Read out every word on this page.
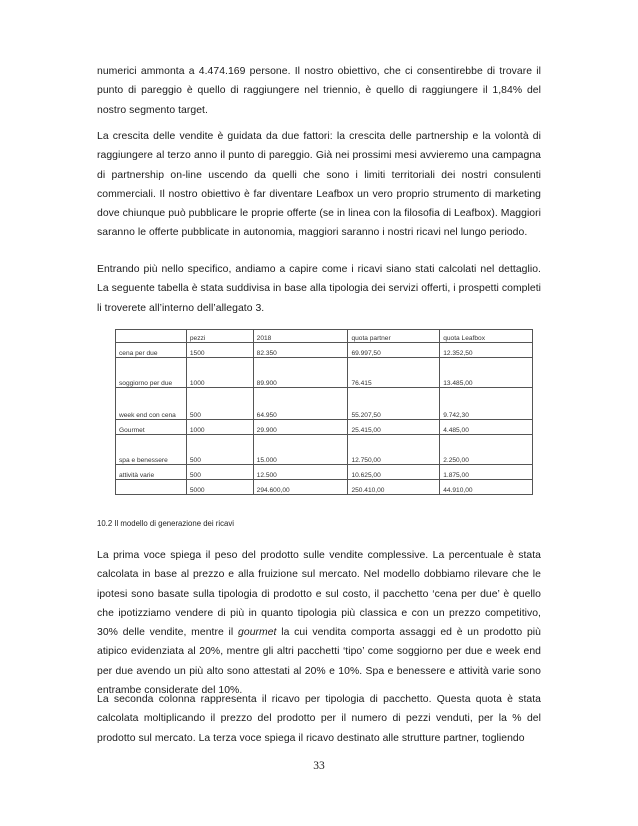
numerici ammonta a 4.474.169 persone. Il nostro obiettivo, che ci consentirebbe di trovare il punto di pareggio è quello di raggiungere nel triennio, è quello di raggiungere il 1,84% del nostro segmento target.

La crescita delle vendite è guidata da due fattori: la crescita delle partnership e la volontà di raggiungere al terzo anno il punto di pareggio. Già nei prossimi mesi avvieremo una campagna di partnership on-line uscendo da quelli che sono i limiti territoriali dei nostri consulenti commerciali. Il nostro obiettivo è far diventare Leafbox un vero proprio strumento di marketing dove chiunque può pubblicare le proprie offerte (se in linea con la filosofia di Leafbox). Maggiori saranno le offerte pubblicate in autonomia, maggiori saranno i nostri ricavi nel lungo periodo.

Entrando più nello specifico, andiamo a capire come i ricavi siano stati calcolati nel dettaglio. La seguente tabella è stata suddivisa in base alla tipologia dei servizi offerti, i prospetti completi li troverete all’interno dell’allegato 3.

	pezzi	2018	quota partner	quota Leafbox
cena per due	1500	82.350	69.997,50	12.352,50
soggiorno per due	1000	89.900	76.415	13.485,00
week end con cena	500	64.950	55.207,50	9.742,30
Gourmet	1000	29.900	25.415,00	4.485,00
spa e benessere	500	15.000	12.750,00	2.250,00
attività varie	500	12.500	10.625,00	1.875,00
	5000	294.600,00	250.410,00	44.910,00
10.2 Il modello di generazione dei ricavi

La prima voce spiega il peso del prodotto sulle vendite complessive. La percentuale è stata calcolata in base al prezzo e alla fruizione sul mercato. Nel modello dobbiamo rilevare che le ipotesi sono basate sulla tipologia di prodotto e sul costo, il pacchetto ‘cena per due’ è quello che ipotizziamo vendere di più in quanto tipologia più classica e con un prezzo competitivo, 30% delle vendite, mentre il gourmet la cui vendita comporta assaggi ed è un prodotto più atipico evidenziata al 20%, mentre gli altri pacchetti ‘tipo’ come soggiorno per due e week end per due avendo un più alto sono attestati al 20% e 10%. Spa e benessere e attività varie sono entrambe considerate del 10%.

La seconda colonna rappresenta il ricavo per tipologia di pacchetto. Questa quota è stata calcolata moltiplicando il prezzo del prodotto per il numero di pezzi venduti, per la % del prodotto sul mercato. La terza voce spiega il ricavo destinato alle strutture partner, togliendo

33
